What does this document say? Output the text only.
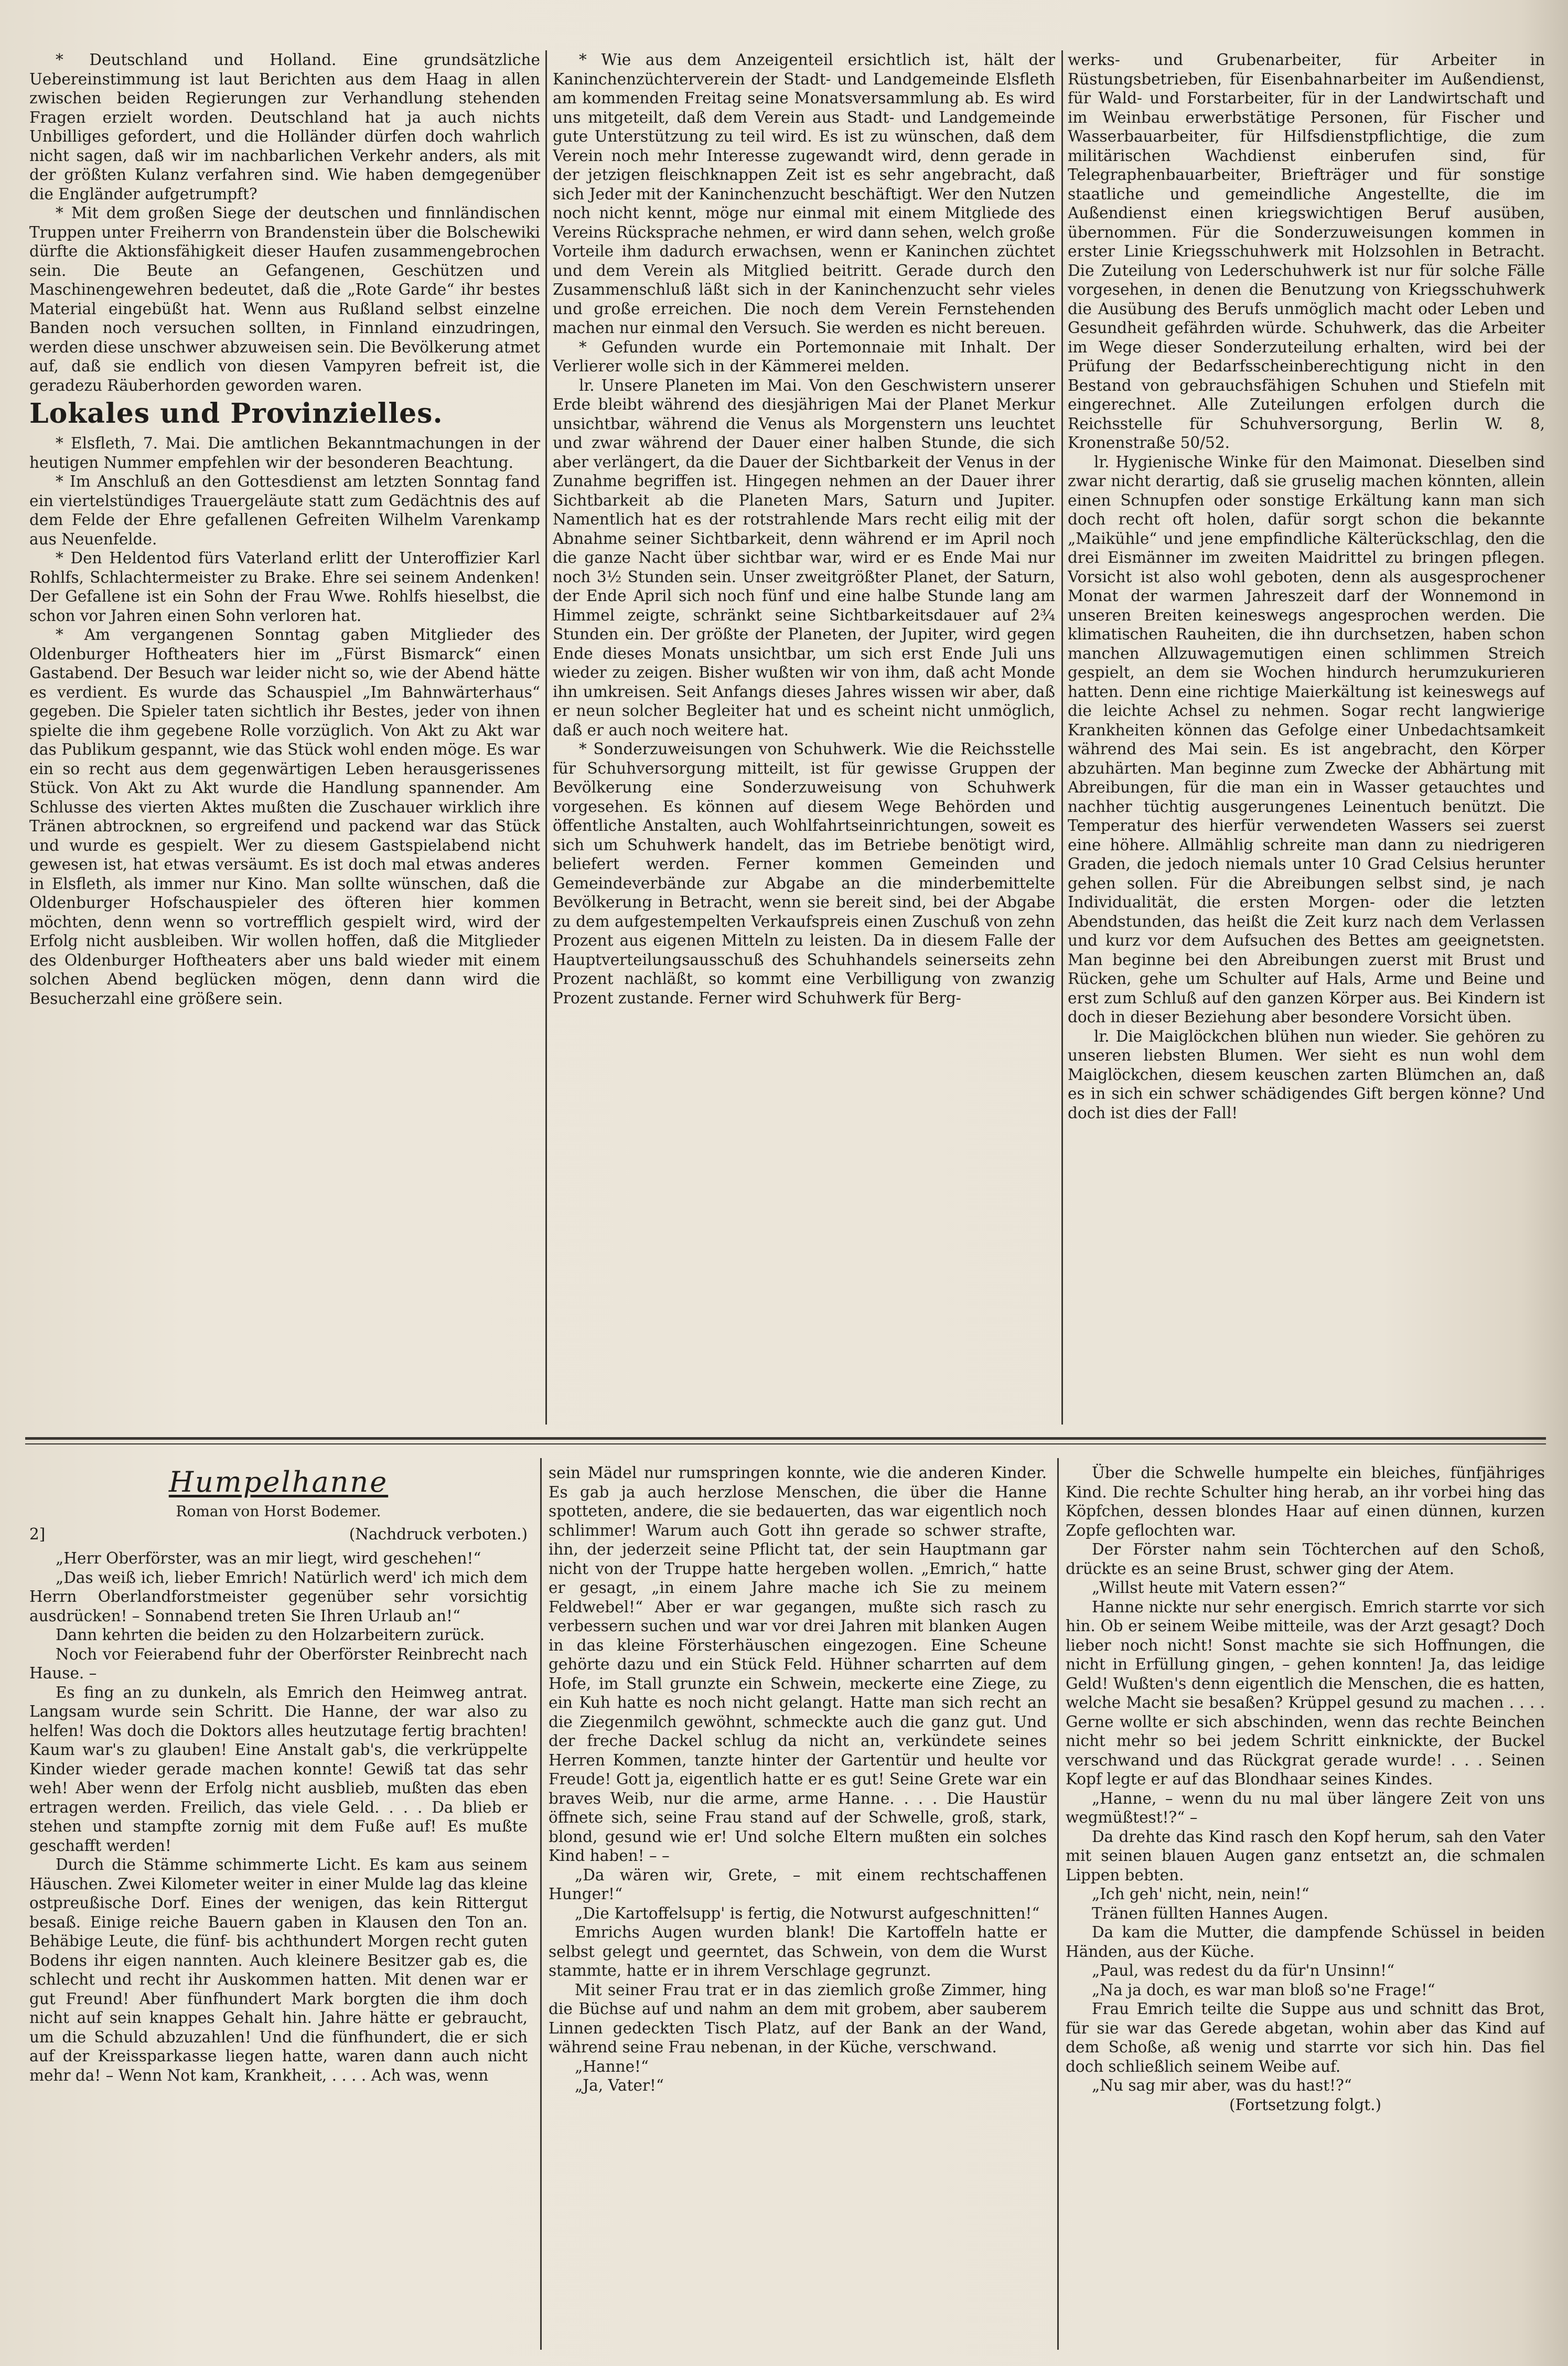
* Deutschland und Holland. Eine grundsätzliche Uebereinstimmung ist laut Berichten aus dem Haag in allen zwischen beiden Regierungen zur Verhandlung stehenden Fragen erzielt worden. Deutschland hat ja auch nichts Unbilliges gefordert, und die Holländer dürfen doch wahrlich nicht sagen, daß wir im nachbarlichen Verkehr anders, als mit der größten Kulanz verfahren sind. Wie haben demgegenüber die Engländer aufgetrumpft?

* Mit dem großen Siege der deutschen und finnländischen Truppen unter Freiherrn von Brandenstein über die Bolschewiki dürfte die Aktionsfähigkeit dieser Haufen zusammengebrochen sein. Die Beute an Gefangenen, Geschützen und Maschinengewehren bedeutet, daß die „Rote Garde“ ihr bestes Material eingebüßt hat. Wenn aus Rußland selbst einzelne Banden noch versuchen sollten, in Finnland einzudringen, werden diese unschwer abzuweisen sein. Die Bevölkerung atmet auf, daß sie endlich von diesen Vampyren befreit ist, die geradezu Räuberhorden geworden waren.

Lokales und Provinzielles.

* Elsfleth, 7. Mai. Die amtlichen Bekanntmachungen in der heutigen Nummer empfehlen wir der besonderen Beachtung.

* Im Anschluß an den Gottesdienst am letzten Sonntag fand ein viertelstündiges Trauergeläute statt zum Gedächtnis des auf dem Felde der Ehre gefallenen Gefreiten Wilhelm Varenkamp aus Neuenfelde.

* Den Heldentod fürs Vaterland erlitt der Unteroffizier Karl Rohlfs, Schlachtermeister zu Brake. Ehre sei seinem Andenken! Der Gefallene ist ein Sohn der Frau Wwe. Rohlfs hieselbst, die schon vor Jahren einen Sohn verloren hat.

* Am vergangenen Sonntag gaben Mitglieder des Oldenburger Hoftheaters hier im „Fürst Bismarck“ einen Gastabend. Der Besuch war leider nicht so, wie der Abend hätte es verdient. Es wurde das Schauspiel „Im Bahnwärterhaus“ gegeben. Die Spieler taten sichtlich ihr Bestes, jeder von ihnen spielte die ihm gegebene Rolle vorzüglich. Von Akt zu Akt war das Publikum gespannt, wie das Stück wohl enden möge. Es war ein so recht aus dem gegenwärtigen Leben herausgerissenes Stück. Von Akt zu Akt wurde die Handlung spannender. Am Schlusse des vierten Aktes mußten die Zuschauer wirklich ihre Tränen abtrocknen, so ergreifend und packend war das Stück und wurde es gespielt. Wer zu diesem Gastspielabend nicht gewesen ist, hat etwas versäumt. Es ist doch mal etwas anderes in Elsfleth, als immer nur Kino. Man sollte wünschen, daß die Oldenburger Hofschauspieler des öfteren hier kommen möchten, denn wenn so vortrefflich gespielt wird, wird der Erfolg nicht ausbleiben. Wir wollen hoffen, daß die Mitglieder des Oldenburger Hoftheaters aber uns bald wieder mit einem solchen Abend beglücken mögen, denn dann wird die Besucherzahl eine größere sein.

* Wie aus dem Anzeigenteil ersichtlich ist, hält der Kaninchenzüchterverein der Stadt- und Landgemeinde Elsfleth am kommenden Freitag seine Monatsversammlung ab. Es wird uns mitgeteilt, daß dem Verein aus Stadt- und Landgemeinde gute Unterstützung zu teil wird. Es ist zu wünschen, daß dem Verein noch mehr Interesse zugewandt wird, denn gerade in der jetzigen fleischknappen Zeit ist es sehr angebracht, daß sich Jeder mit der Kaninchenzucht beschäftigt. Wer den Nutzen noch nicht kennt, möge nur einmal mit einem Mitgliede des Vereins Rücksprache nehmen, er wird dann sehen, welch große Vorteile ihm dadurch erwachsen, wenn er Kaninchen züchtet und dem Verein als Mitglied beitritt. Gerade durch den Zusammenschluß läßt sich in der Kaninchenzucht sehr vieles und große erreichen. Die noch dem Verein Fernstehenden machen nur einmal den Versuch. Sie werden es nicht bereuen.

* Gefunden wurde ein Portemonnaie mit Inhalt. Der Verlierer wolle sich in der Kämmerei melden.

lr. Unsere Planeten im Mai. Von den Geschwistern unserer Erde bleibt während des diesjährigen Mai der Planet Merkur unsichtbar, während die Venus als Morgenstern uns leuchtet und zwar während der Dauer einer halben Stunde, die sich aber verlängert, da die Dauer der Sichtbarkeit der Venus in der Zunahme begriffen ist. Hingegen nehmen an der Dauer ihrer Sichtbarkeit ab die Planeten Mars, Saturn und Jupiter. Namentlich hat es der rotstrahlende Mars recht eilig mit der Abnahme seiner Sichtbarkeit, denn während er im April noch die ganze Nacht über sichtbar war, wird er es Ende Mai nur noch 3½ Stunden sein. Unser zweitgrößter Planet, der Saturn, der Ende April sich noch fünf und eine halbe Stunde lang am Himmel zeigte, schränkt seine Sichtbarkeitsdauer auf 2¾ Stunden ein. Der größte der Planeten, der Jupiter, wird gegen Ende dieses Monats unsichtbar, um sich erst Ende Juli uns wieder zu zeigen. Bisher wußten wir von ihm, daß acht Monde ihn umkreisen. Seit Anfangs dieses Jahres wissen wir aber, daß er neun solcher Begleiter hat und es scheint nicht unmöglich, daß er auch noch weitere hat.

* Sonderzuweisungen von Schuhwerk. Wie die Reichsstelle für Schuhversorgung mitteilt, ist für gewisse Gruppen der Bevölkerung eine Sonderzuweisung von Schuhwerk vorgesehen. Es können auf diesem Wege Behörden und öffentliche Anstalten, auch Wohlfahrtseinrichtungen, soweit es sich um Schuhwerk handelt, das im Betriebe benötigt wird, beliefert werden. Ferner kommen Gemeinden und Gemeindeverbände zur Abgabe an die minderbemittelte Bevölkerung in Betracht, wenn sie bereit sind, bei der Abgabe zu dem aufgestempelten Verkaufspreis einen Zuschuß von zehn Prozent aus eigenen Mitteln zu leisten. Da in diesem Falle der Hauptverteilungsausschuß des Schuhhandels seinerseits zehn Prozent nachläßt, so kommt eine Verbilligung von zwanzig Prozent zustande. Ferner wird Schuhwerk für Berg-

werks- und Grubenarbeiter, für Arbeiter in Rüstungsbetrieben, für Eisenbahnarbeiter im Außendienst, für Wald- und Forstarbeiter, für in der Landwirtschaft und im Weinbau erwerbstätige Personen, für Fischer und Wasserbauarbeiter, für Hilfsdienstpflichtige, die zum militärischen Wachdienst einberufen sind, für Telegraphenbauarbeiter, Briefträger und für sonstige staatliche und gemeindliche Angestellte, die im Außendienst einen kriegswichtigen Beruf ausüben, übernommen. Für die Sonderzuweisungen kommen in erster Linie Kriegsschuhwerk mit Holzsohlen in Betracht. Die Zuteilung von Lederschuhwerk ist nur für solche Fälle vorgesehen, in denen die Benutzung von Kriegsschuhwerk die Ausübung des Berufs unmöglich macht oder Leben und Gesundheit gefährden würde. Schuhwerk, das die Arbeiter im Wege dieser Sonderzuteilung erhalten, wird bei der Prüfung der Bedarfsscheinberechtigung nicht in den Bestand von gebrauchsfähigen Schuhen und Stiefeln mit eingerechnet. Alle Zuteilungen erfolgen durch die Reichsstelle für Schuhversorgung, Berlin W. 8, Kronenstraße 50/52.

lr. Hygienische Winke für den Maimonat. Dieselben sind zwar nicht derartig, daß sie gruselig machen könnten, allein einen Schnupfen oder sonstige Erkältung kann man sich doch recht oft holen, dafür sorgt schon die bekannte „Maikühle“ und jene empfindliche Kälterückschlag, den die drei Eismänner im zweiten Maidrittel zu bringen pflegen. Vorsicht ist also wohl geboten, denn als ausgesprochener Monat der warmen Jahreszeit darf der Wonnemond in unseren Breiten keineswegs angesprochen werden. Die klimatischen Rauheiten, die ihn durchsetzen, haben schon manchen Allzuwagemutigen einen schlimmen Streich gespielt, an dem sie Wochen hindurch herumzukurieren hatten. Denn eine richtige Maierkältung ist keineswegs auf die leichte Achsel zu nehmen. Sogar recht langwierige Krankheiten können das Gefolge einer Unbedachtsamkeit während des Mai sein. Es ist angebracht, den Körper abzuhärten. Man beginne zum Zwecke der Abhärtung mit Abreibungen, für die man ein in Wasser getauchtes und nachher tüchtig ausgerungenes Leinentuch benützt. Die Temperatur des hierfür verwendeten Wassers sei zuerst eine höhere. Allmählig schreite man dann zu niedrigeren Graden, die jedoch niemals unter 10 Grad Celsius herunter gehen sollen. Für die Abreibungen selbst sind, je nach Individualität, die ersten Morgen- oder die letzten Abendstunden, das heißt die Zeit kurz nach dem Verlassen und kurz vor dem Aufsuchen des Bettes am geeignetsten. Man beginne bei den Abreibungen zuerst mit Brust und Rücken, gehe um Schulter auf Hals, Arme und Beine und erst zum Schluß auf den ganzen Körper aus. Bei Kindern ist doch in dieser Beziehung aber besondere Vorsicht üben.

lr. Die Maiglöckchen blühen nun wieder. Sie gehören zu unseren liebsten Blumen. Wer sieht es nun wohl dem Maiglöckchen, diesem keuschen zarten Blümchen an, daß es in sich ein schwer schädigendes Gift bergen könne? Und doch ist dies der Fall!

Humpelhanne

Roman von Horst Bodemer.

2]	(Nachdruck verboten.)

„Herr Oberförster, was an mir liegt, wird geschehen!“

„Das weiß ich, lieber Emrich! Natürlich werd' ich mich dem Herrn Oberlandforstmeister gegenüber sehr vorsichtig ausdrücken! – Sonnabend treten Sie Ihren Urlaub an!“

Dann kehrten die beiden zu den Holzarbeitern zurück.

Noch vor Feierabend fuhr der Oberförster Reinbrecht nach Hause. –

Es fing an zu dunkeln, als Emrich den Heimweg antrat. Langsam wurde sein Schritt. Die Hanne, der war also zu helfen! Was doch die Doktors alles heutzutage fertig brachten! Kaum war's zu glauben! Eine Anstalt gab's, die verkrüppelte Kinder wieder gerade machen konnte! Gewiß tat das sehr weh! Aber wenn der Erfolg nicht ausblieb, mußten das eben ertragen werden. Freilich, das viele Geld. . . . Da blieb er stehen und stampfte zornig mit dem Fuße auf! Es mußte geschafft werden!

Durch die Stämme schimmerte Licht. Es kam aus seinem Häuschen. Zwei Kilometer weiter in einer Mulde lag das kleine ostpreußische Dorf. Eines der wenigen, das kein Rittergut besaß. Einige reiche Bauern gaben in Klausen den Ton an. Behäbige Leute, die fünf- bis achthundert Morgen recht guten Bodens ihr eigen nannten. Auch kleinere Besitzer gab es, die schlecht und recht ihr Auskommen hatten. Mit denen war er gut Freund! Aber fünfhundert Mark borgten die ihm doch nicht auf sein knappes Gehalt hin. Jahre hätte er gebraucht, um die Schuld abzuzahlen! Und die fünfhundert, die er sich auf der Kreissparkasse liegen hatte, waren dann auch nicht mehr da! – Wenn Not kam, Krankheit, . . . . Ach was, wenn

sein Mädel nur rumspringen konnte, wie die anderen Kinder. Es gab ja auch herzlose Menschen, die über die Hanne spotteten, andere, die sie bedauerten, das war eigentlich noch schlimmer! Warum auch Gott ihn gerade so schwer strafte, ihn, der jederzeit seine Pflicht tat, der sein Hauptmann gar nicht von der Truppe hatte hergeben wollen. „Emrich,“ hatte er gesagt, „in einem Jahre mache ich Sie zu meinem Feldwebel!“ Aber er war gegangen, mußte sich rasch zu verbessern suchen und war vor drei Jahren mit blanken Augen in das kleine Försterhäuschen eingezogen. Eine Scheune gehörte dazu und ein Stück Feld. Hühner scharrten auf dem Hofe, im Stall grunzte ein Schwein, meckerte eine Ziege, zu ein Kuh hatte es noch nicht gelangt. Hatte man sich recht an die Ziegenmilch gewöhnt, schmeckte auch die ganz gut. Und der freche Dackel schlug da nicht an, verkündete seines Herren Kommen, tanzte hinter der Gartentür und heulte vor Freude! Gott ja, eigentlich hatte er es gut! Seine Grete war ein braves Weib, nur die arme, arme Hanne. . . . Die Haustür öffnete sich, seine Frau stand auf der Schwelle, groß, stark, blond, gesund wie er! Und solche Eltern mußten ein solches Kind haben! – –

„Da wären wir, Grete, – mit einem rechtschaffenen Hunger!“

„Die Kartoffelsupp' is fertig, die Notwurst aufgeschnitten!“

Emrichs Augen wurden blank! Die Kartoffeln hatte er selbst gelegt und geerntet, das Schwein, von dem die Wurst stammte, hatte er in ihrem Verschlage gegrunzt.

Mit seiner Frau trat er in das ziemlich große Zimmer, hing die Büchse auf und nahm an dem mit grobem, aber sauberem Linnen gedeckten Tisch Platz, auf der Bank an der Wand, während seine Frau nebenan, in der Küche, verschwand.

„Hanne!“

„Ja, Vater!“

Über die Schwelle humpelte ein bleiches, fünfjähriges Kind. Die rechte Schulter hing herab, an ihr vorbei hing das Köpfchen, dessen blondes Haar auf einen dünnen, kurzen Zopfe geflochten war.

Der Förster nahm sein Töchterchen auf den Schoß, drückte es an seine Brust, schwer ging der Atem.

„Willst heute mit Vatern essen?“

Hanne nickte nur sehr energisch. Emrich starrte vor sich hin. Ob er seinem Weibe mitteile, was der Arzt gesagt? Doch lieber noch nicht! Sonst machte sie sich Hoffnungen, die nicht in Erfüllung gingen, – gehen konnten! Ja, das leidige Geld! Wußten's denn eigentlich die Menschen, die es hatten, welche Macht sie besaßen? Krüppel gesund zu machen . . . . Gerne wollte er sich abschinden, wenn das rechte Beinchen nicht mehr so bei jedem Schritt einknickte, der Buckel verschwand und das Rückgrat gerade wurde! . . . Seinen Kopf legte er auf das Blondhaar seines Kindes.

„Hanne, – wenn du nu mal über längere Zeit von uns wegmüßtest!?“ –

Da drehte das Kind rasch den Kopf herum, sah den Vater mit seinen blauen Augen ganz entsetzt an, die schmalen Lippen bebten.

„Ich geh' nicht, nein, nein!“

Tränen füllten Hannes Augen.

Da kam die Mutter, die dampfende Schüssel in beiden Händen, aus der Küche.

„Paul, was redest du da für'n Unsinn!“

„Na ja doch, es war man bloß so'ne Frage!“

Frau Emrich teilte die Suppe aus und schnitt das Brot, für sie war das Gerede abgetan, wohin aber das Kind auf dem Schoße, aß wenig und starrte vor sich hin. Das fiel doch schließlich seinem Weibe auf.

„Nu sag mir aber, was du hast!?“

(Fortsetzung folgt.)
